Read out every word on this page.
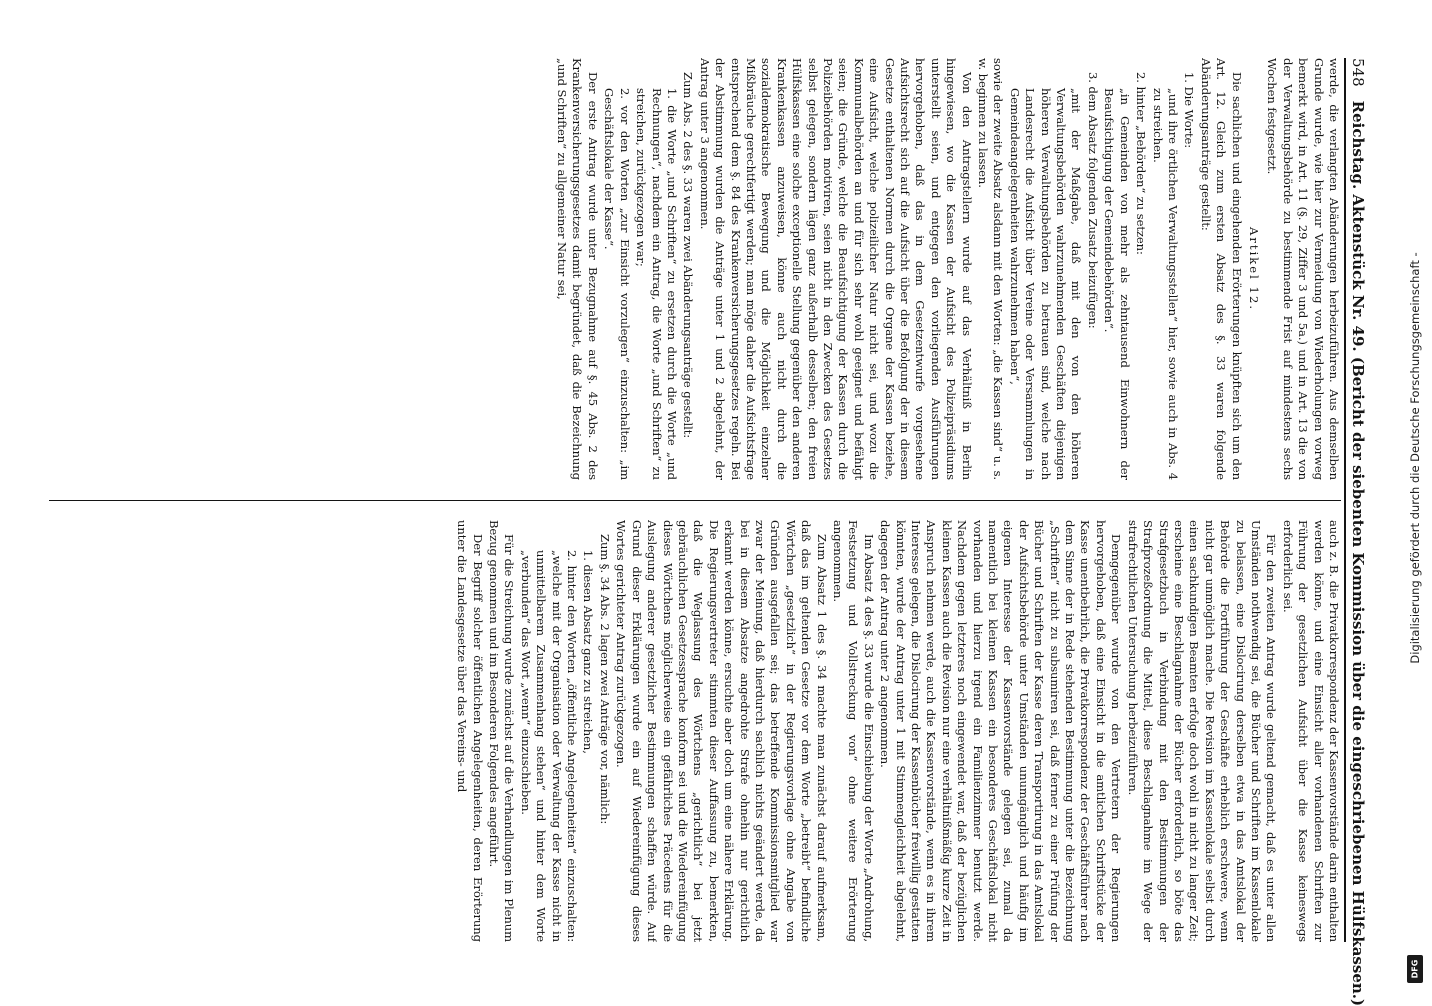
548
Reichstag. Aktenstück Nr. 49. (Bericht der siebenten Kommission über die eingeschriebenen Hülfskassen.)

werde, die verlangten Abänderungen herbeizuführen. Aus demselben Grunde wurde, wie hier zur Vermeidung von Wiederholungen vorweg bemerkt wird, in Art. 11 (§. 29, Ziffer 3 und 5a.) und in Art. 13 die von der Verwaltungsbehörde zu bestimmende Frist auf mindestens sechs Wochen festgesetzt.

Artikel 12.

Die sachlichen und eingehenden Erörterungen knüpften sich um den Art. 12. Gleich zum ersten Absatz des §. 33 waren folgende Abänderungsanträge gestellt:

1. Die Worte:

„und ihre örtlichen Verwaltungsstellen“ hier, sowie auch in Abs. 4 zu streichen.

2. hinter „Behörden“ zu setzen:

„in Gemeinden von mehr als zehntausend Einwohnern der Beaufsichtigung der Gemeindebehörden“.

3. dem Absatz folgenden Zusatz beizufügen:

„mit der Maßgabe, daß mit den von den höheren Verwaltungsbehörden wahrzunehmenden Geschäften diejenigen höheren Verwaltungsbehörden zu betrauen sind, welche nach Landesrecht die Aufsicht über Vereine oder Versammlungen in Gemeindeangelegenheiten wahrzunehmen haben“,

sowie der zweite Absatz alsdann mit den Worten: „die Kassen sind“ u. s. w. beginnen zu lassen.

Von den Antragstellern wurde auf das Verhältniß in Berlin hingewiesen, wo die Kassen der Aufsicht des Polizeipräsidiums unterstellt seien, und entgegen den vorliegenden Ausführungen hervorgehoben, daß das in dem Gesetzentwurfe vorgesehene Aufsichtsrecht sich auf die Aufsicht über die Befolgung der in diesem Gesetze enthaltenen Normen durch die Organe der Kassen beziehe, eine Aufsicht, welche polizeilicher Natur nicht sei, und wozu die Kommunalbehörden an und für sich sehr wohl geeignet und befähigt seien; die Gründe, welche die Beaufsichtigung der Kassen durch die Polizeibehörden motiviren, seien nicht in den Zwecken des Gesetzes selbst gelegen, sondern lägen ganz außerhalb desselben; den freien Hülfskassen eine solche exceptionelle Stellung gegenüber den anderen Krankenkassen anzuweisen, könne auch nicht durch die sozialdemokratische Bewegung und die Möglichkeit einzelner Mißbräuche gerechtfertigt werden; man möge daher die Aufsichtsfrage entsprechend dem §. 84 des Krankenversicherungsgesetzes regeln. Bei der Abstimmung wurden die Anträge unter 1 und 2 abgelehnt, der Antrag unter 3 angenommen.

Zum Abs. 2 des §. 33 waren zwei Abänderungsanträge gestellt:

1. die Worte „und Schriften“ zu ersetzen durch die Worte „und Rechnungen“, nachdem ein Antrag, die Worte „und Schriften“ zu streichen, zurückgezogen war;

2. vor den Worten „zur Einsicht vorzulegen“ einzuschalten: „im Geschäftslokale der Kasse“.

Der erste Antrag wurde unter Bezugnahme auf §. 45 Abs. 2 des Krankenversicherungsgesetzes damit begründet, daß die Bezeichnung „und Schriften“ zu allgemeiner Natur sei,

auch z. B. die Privatkorrespondenz der Kassenvorstände darin enthalten werden könne, und eine Einsicht aller vorhandenen Schriften zur Führung der gesetzlichen Aufsicht über die Kasse keineswegs erforderlich sei.

Für den zweiten Antrag wurde geltend gemacht, daß es unter allen Umständen nothwendig sei, die Bücher und Schriften im Kassenlokale zu belassen, eine Dislocirung derselben etwa in das Amtslokal der Behörde die Fortführung der Geschäfte erheblich erschwere, wenn nicht gar unmöglich mache. Die Revision im Kassenlokale selbst durch einen sachkundigen Beamten erfolge doch wohl in nicht zu langer Zeit; erscheine eine Beschlagnahme der Bücher erforderlich, so böte das Strafgesetzbuch in Verbindung mit den Bestimmungen der Strafprozeßordnung die Mittel, diese Beschlagnahme im Wege der strafrechtlichen Untersuchung herbeizuführen.

Demgegenüber wurde von den Vertretern der Regierungen hervorgehoben, daß eine Einsicht in die amtlichen Schriftstücke der Kasse unentbehrlich, die Privatkorrespondenz der Geschäftsführer nach dem Sinne der in Rede stehenden Bestimmung unter die Bezeichnung „Schriften“ nicht zu subsumiren sei, daß ferner zu einer Prüfung der Bücher und Schriften der Kasse deren Transportirung in das Amtslokal der Aufsichtsbehörde unter Umständen unumgänglich und häufig im eigenen Interesse der Kassenvorstände gelegen sei, zumal da namentlich bei kleinen Kassen ein besonderes Geschäftslokal nicht vorhanden und hierzu irgend ein Familienzimmer benutzt werde. Nachdem gegen letzteres noch eingewendet war, daß der bezüglichen kleinen Kassen auch die Revision nur eine verhältnißmäßig kurze Zeit in Anspruch nehmen werde, auch die Kassenvorstände, wenn es in ihrem Interesse gelegen, die Dislocirung der Kassenbücher freiwillig gestatten könnten, wurde der Antrag unter 1 mit Stimmengleichheit abgelehnt, dagegen der Antrag unter 2 angenommen.

Im Absatz 4 des §. 33 wurde die Einschiebung der Worte „Androhung, Festsetzung und Vollstreckung von“ ohne weitere Erörterung angenommen.

Zum Absatz 1 des §. 34 machte man zunächst darauf aufmerksam, daß das im geltenden Gesetze vor dem Worte „betreibt“ befindliche Wörtchen „gesetzlich“ in der Regierungsvorlage ohne Angabe von Gründen ausgefallen sei; das betreffende Kommissionsmitglied war zwar der Meinung, daß hierdurch sachlich nichts geändert werde, da bei in diesem Absatze angedrohte Strafe ohnehin nur gerichtlich erkannt werden könne, ersuchte aber doch um eine nähere Erklärung. Die Regierungsvertreter stimmten dieser Auffassung zu, bemerkten, daß die Weglassung des Wörtchens „gerichtlich“ bei jetzt gebräuchlichen Gesetzessprache konform sei und die Wiedereinfügung dieses Wörtchens möglicherweise ein gefährliches Präcedens für die Auslegung anderer gesetzlicher Bestimmungen schaffen würde. Auf Grund dieser Erklärungen wurde ein auf Wiedereinfügung dieses Wortes gerichteter Antrag zurückgezogen.

Zum §. 34 Abs. 2 lagen zwei Anträge vor, nämlich:

1. diesen Absatz ganz zu streichen,

2. hinter den Worten „öffentliche Angelegenheiten“ einzuschalten: „welche mit der Organisation oder Verwaltung der Kasse nicht in unmittelbarem Zusammenhang stehen“ und hinter dem Worte „verbunden“ das Wort „wenn“ einzuschieben.

Für die Streichung wurde zunächst auf die Verhandlungen im Plenum Bezug genommen und im Besonderen Folgendes angeführt.

Der Begriff solcher öffentlichen Angelegenheiten, deren Erörterung unter die Landesgesetze über das Vereins- und	Digitalisierung gefördert durch die Deutsche Forschungsgemeinschaft -
DFG
